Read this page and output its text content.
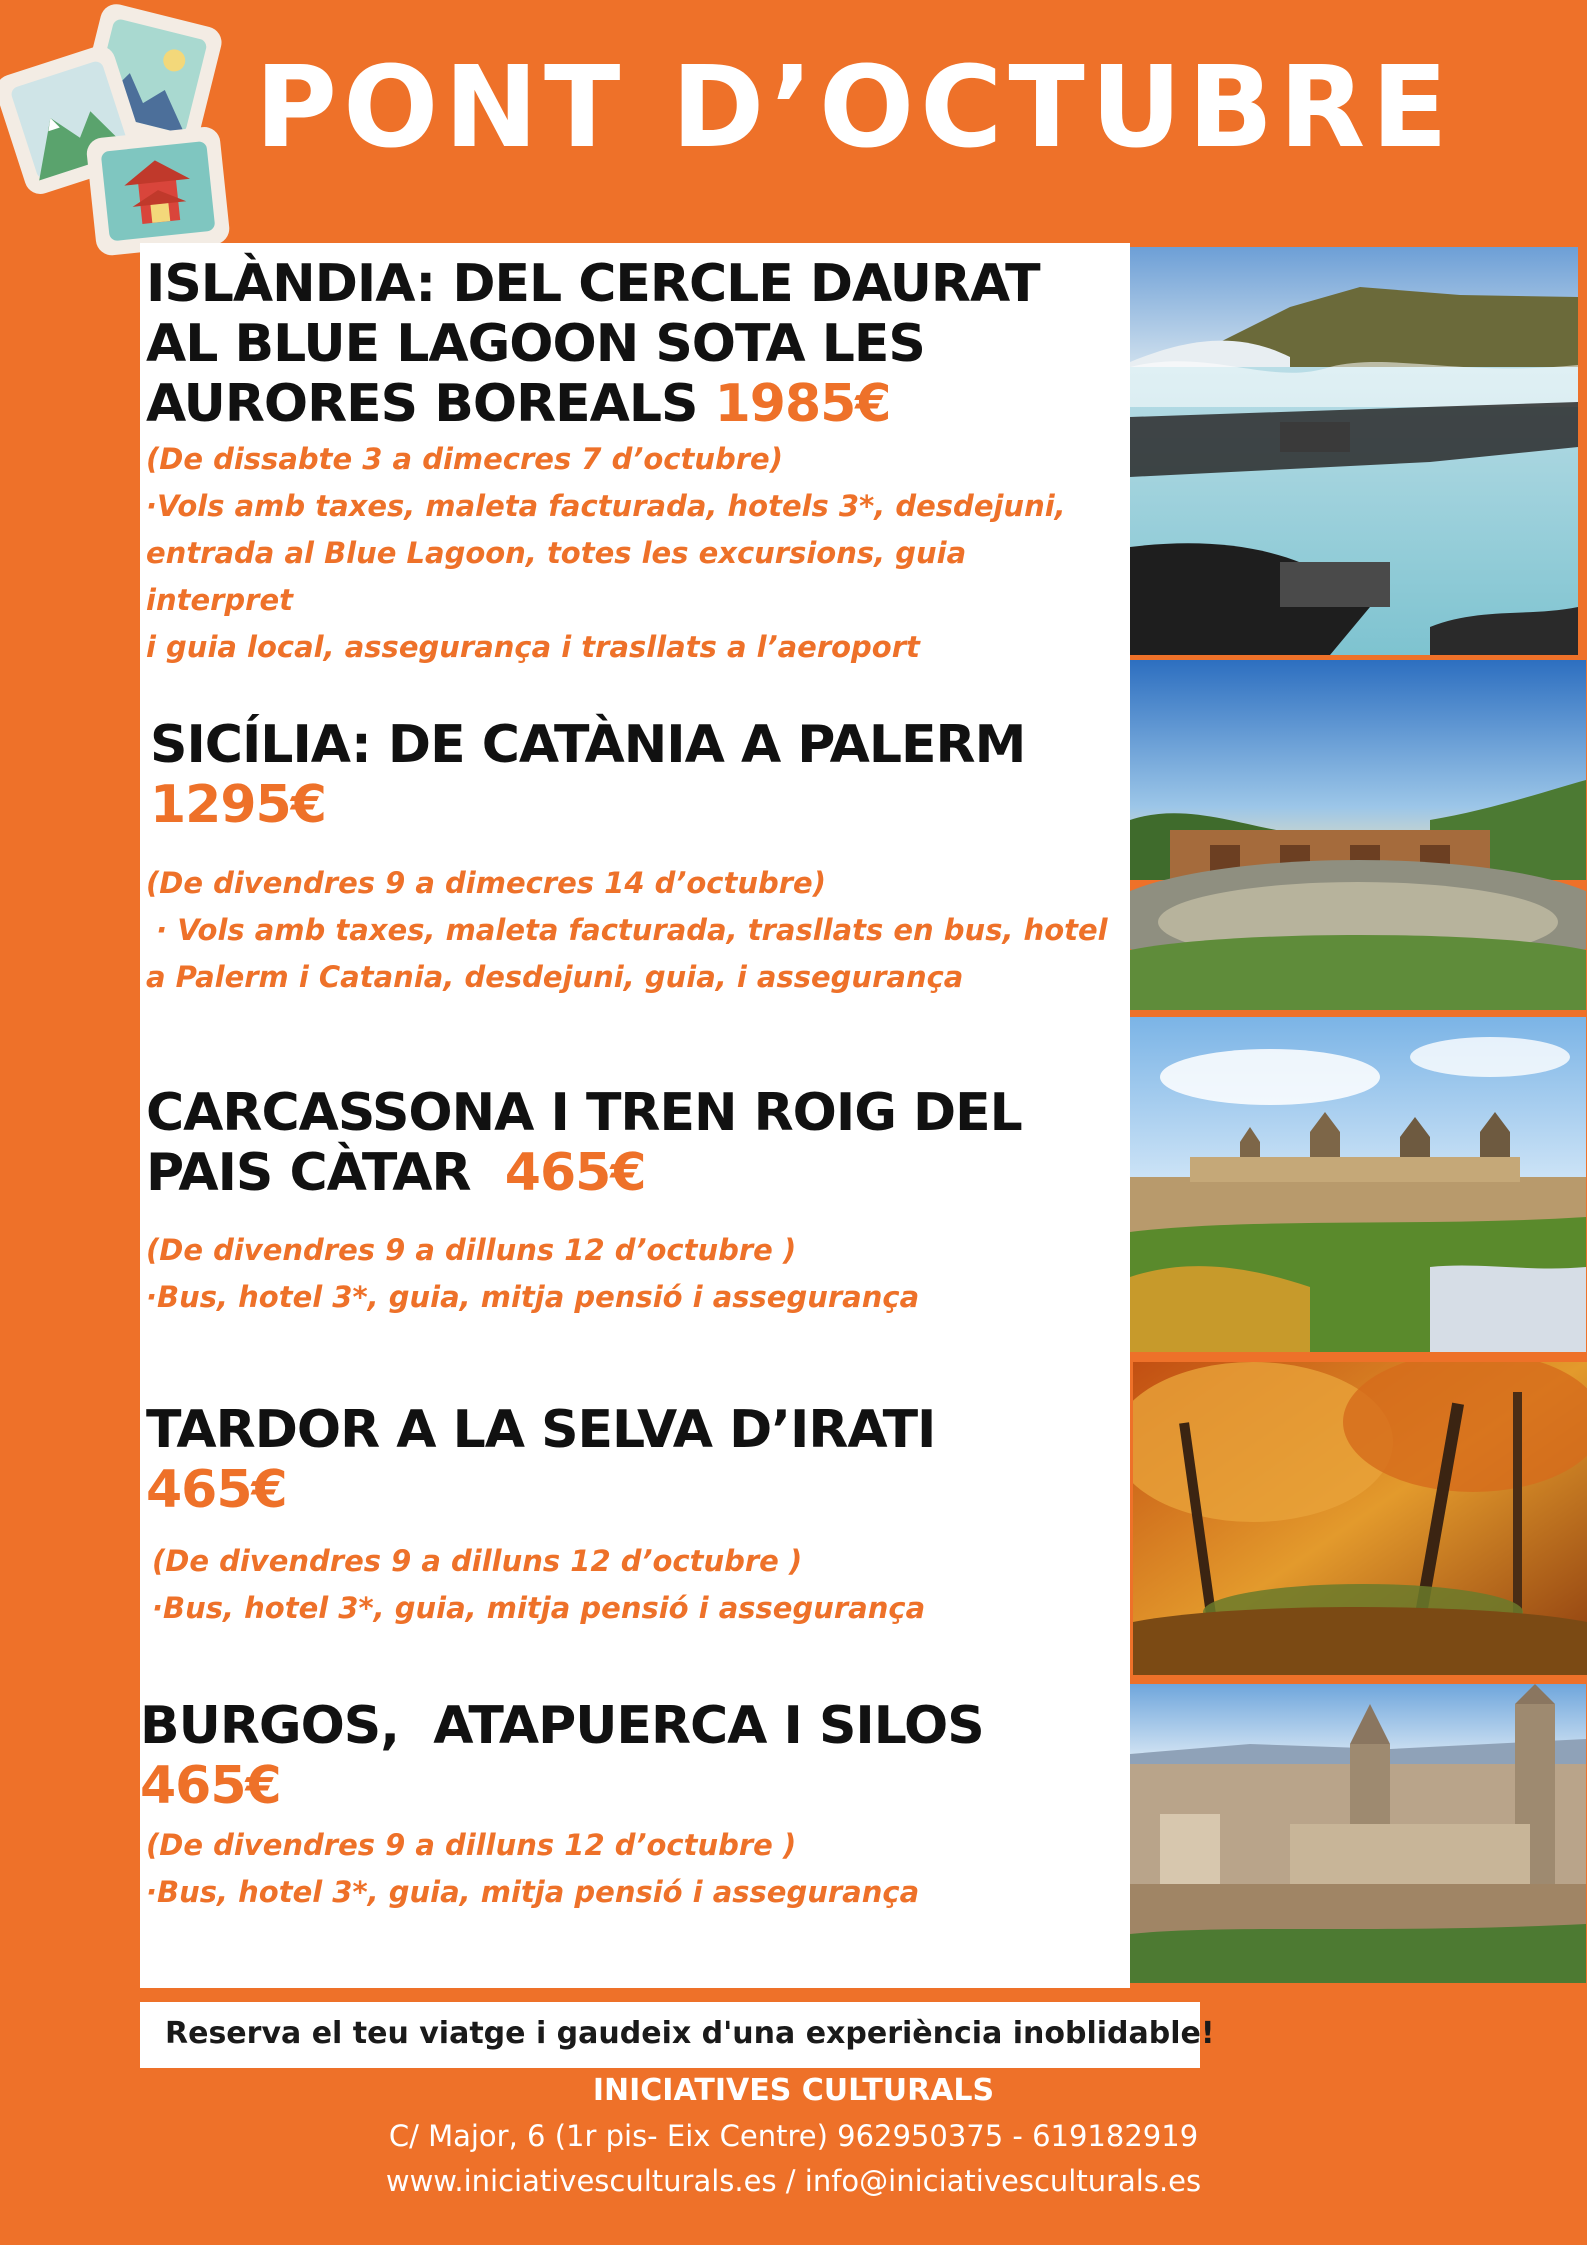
PONT D’OCTUBRE
ISLÀNDIA: DEL CERCLE DAURAT
AL BLUE LAGOON SOTA LES
AURORES BOREALS 1985€
(De dissabte 3 a dimecres 7 d’octubre)
·Vols amb taxes, maleta facturada, hotels 3*, desdejuni,
entrada al Blue Lagoon, totes les excursions, guia interpret
i guia local, assegurança i trasllats a l’aeroport
SICÍLIA: DE CATÀNIA A PALERM
1295€
(De divendres 9 a dimecres 14 d’octubre)
· Vols amb taxes, maleta facturada, trasllats en bus, hotel
a Palerm i Catania, desdejuni, guia, i assegurança
CARCASSONA I TREN ROIG DEL
PAIS CÀTAR 465€
(De divendres 9 a dilluns 12 d’octubre )
·Bus, hotel 3*, guia, mitja pensió i assegurança
TARDOR A LA SELVA D’IRATI
465€
(De divendres 9 a dilluns 12 d’octubre )
·Bus, hotel 3*, guia, mitja pensió i assegurança
BURGOS,  ATAPUERCA I SILOS
465€
(De divendres 9 a dilluns 12 d’octubre )
·Bus, hotel 3*, guia, mitja pensió i assegurança
Reserva el teu viatge i gaudeix d'una experiència inoblidable!
INICIATIVES CULTURALS
C/ Major, 6 (1r pis- Eix Centre) 962950375 - 619182919
www.iniciativesculturals.es / info@iniciativesculturals.es
